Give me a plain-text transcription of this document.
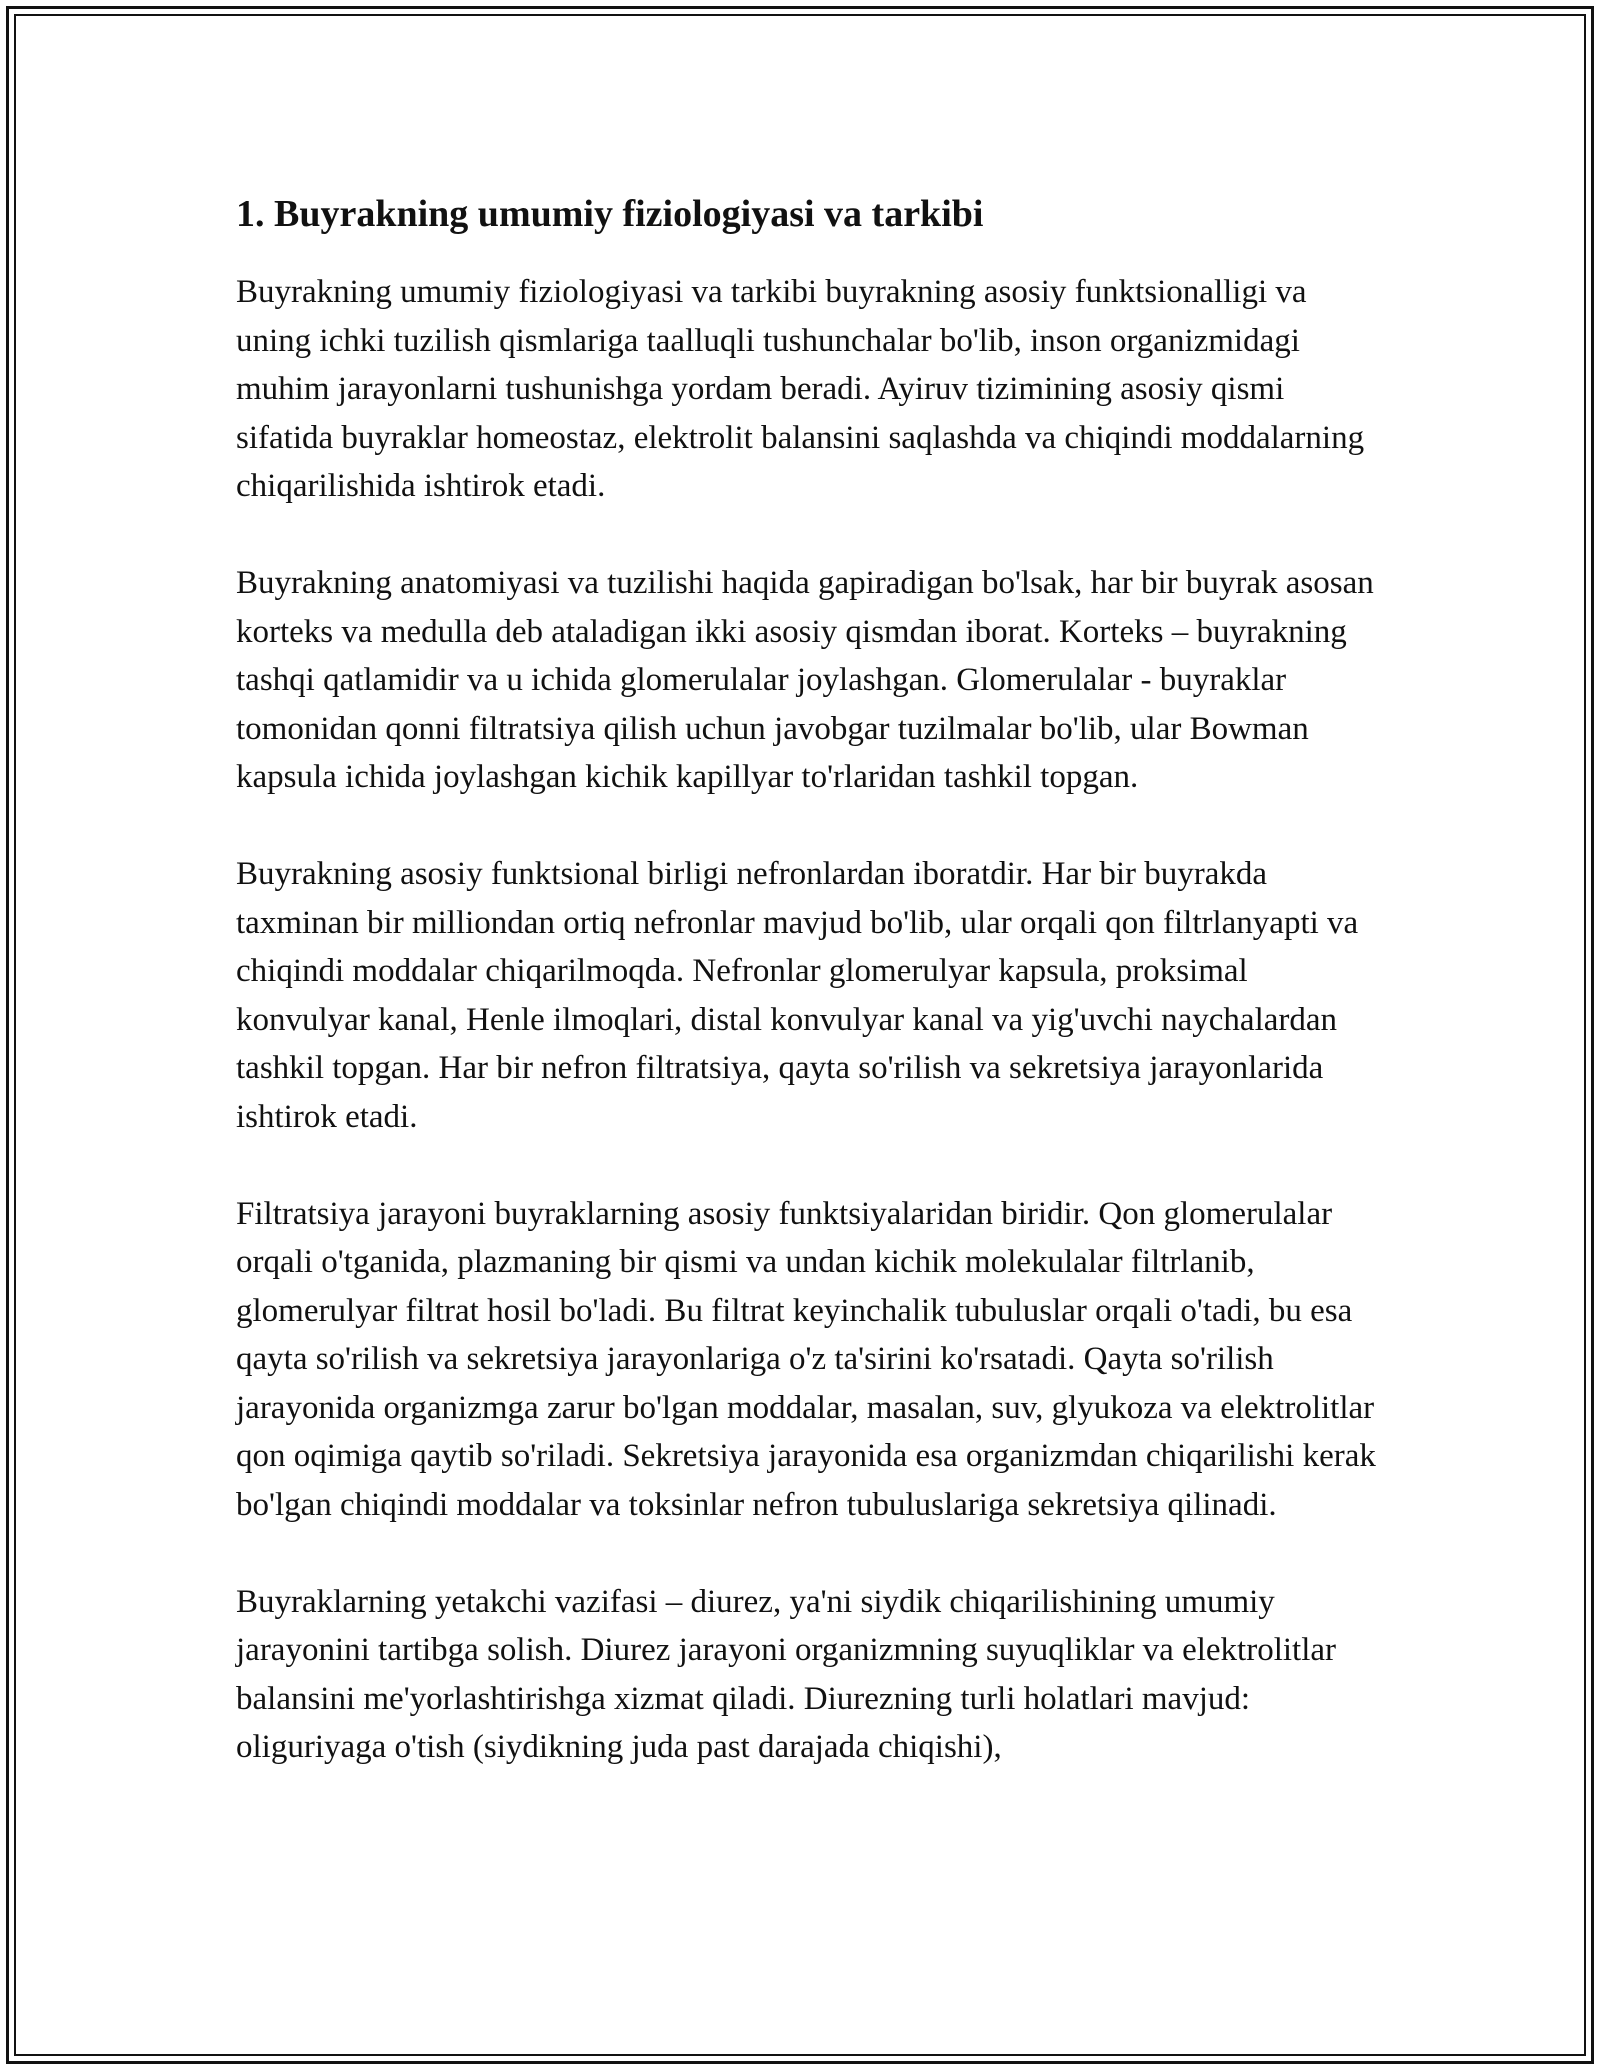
1. Buyrakning umumiy fiziologiyasi va tarkibi

Buyrakning umumiy fiziologiyasi va tarkibi buyrakning asosiy funktsionalligi va uning ichki tuzilish qismlariga taalluqli tushunchalar bo'lib, inson organizmidagi muhim jarayonlarni tushunishga yordam beradi. Ayiruv tizimining asosiy qismi sifatida buyraklar homeostaz, elektrolit balansini saqlashda va chiqindi moddalarning chiqarilishida ishtirok etadi.

Buyrakning anatomiyasi va tuzilishi haqida gapiradigan bo'lsak, har bir buyrak asosan korteks va medulla deb ataladigan ikki asosiy qismdan iborat. Korteks – buyrakning tashqi qatlamidir va u ichida glomerulalar joylashgan. Glomerulalar - buyraklar tomonidan qonni filtratsiya qilish uchun javobgar tuzilmalar bo'lib, ular Bowman kapsula ichida joylashgan kichik kapillyar to'rlaridan tashkil topgan.

Buyrakning asosiy funktsional birligi nefronlardan iboratdir. Har bir buyrakda taxminan bir milliondan ortiq nefronlar mavjud bo'lib, ular orqali qon filtrlanyapti va chiqindi moddalar chiqarilmoqda. Nefronlar glomerulyar kapsula, proksimal konvulyar kanal, Henle ilmoqlari, distal konvulyar kanal va yig'uvchi naychalardan tashkil topgan. Har bir nefron filtratsiya, qayta so'rilish va sekretsiya jarayonlarida ishtirok etadi.

Filtratsiya jarayoni buyraklarning asosiy funktsiyalaridan biridir. Qon glomerulalar orqali o'tganida, plazmaning bir qismi va undan kichik molekulalar filtrlanib, glomerulyar filtrat hosil bo'ladi. Bu filtrat keyinchalik tubuluslar orqali o'tadi, bu esa qayta so'rilish va sekretsiya jarayonlariga o'z ta'sirini ko'rsatadi. Qayta so'rilish jarayonida organizmga zarur bo'lgan moddalar, masalan, suv, glyukoza va elektrolitlar qon oqimiga qaytib so'riladi. Sekretsiya jarayonida esa organizmdan chiqarilishi kerak bo'lgan chiqindi moddalar va toksinlar nefron tubuluslariga sekretsiya qilinadi.

Buyraklarning yetakchi vazifasi – diurez, ya'ni siydik chiqarilishining umumiy jarayonini tartibga solish. Diurez jarayoni organizmning suyuqliklar va elektrolitlar balansini me'yorlashtirishga xizmat qiladi. Diurezning turli holatlari mavjud: oliguriyaga o'tish (siydikning juda past darajada chiqishi),
